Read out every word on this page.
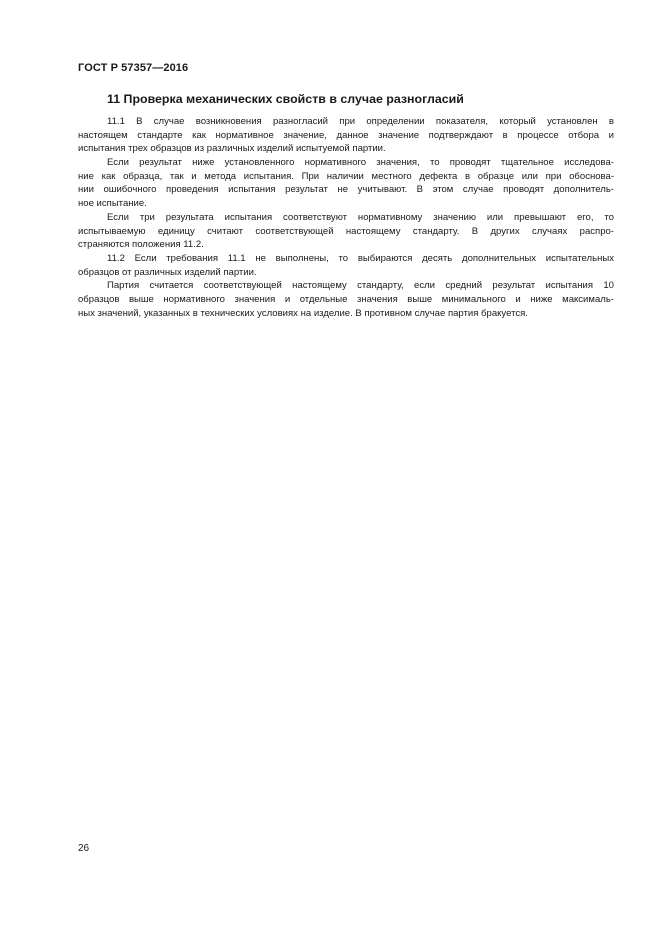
ГОСТ Р 57357—2016
11 Проверка механических свойств в случае разногласий
11.1 В случае возникновения разногласий при определении показателя, который установлен в
настоящем стандарте как нормативное значение, данное значение подтверждают в процессе отбора и
испытания трех образцов из различных изделий испытуемой партии.
Если результат ниже установленного нормативного значения, то проводят тщательное исследова-
ние как образца, так и метода испытания. При наличии местного дефекта в образце или при обоснова-
нии ошибочного проведения испытания результат не учитывают. В этом случае проводят дополнитель-
ное испытание.
Если три результата испытания соответствуют нормативному значению или превышают его, то
испытываемую единицу считают соответствующей настоящему стандарту. В других случаях распро-
страняются положения 11.2.
11.2 Если требования 11.1 не выполнены, то выбираются десять дополнительных испытательных
образцов от различных изделий партии.
Партия считается соответствующей настоящему стандарту, если средний результат испытания 10
образцов выше нормативного значения и отдельные значения выше минимального и ниже максималь-
ных значений, указанных в технических условиях на изделие. В противном случае партия бракуется.
26
